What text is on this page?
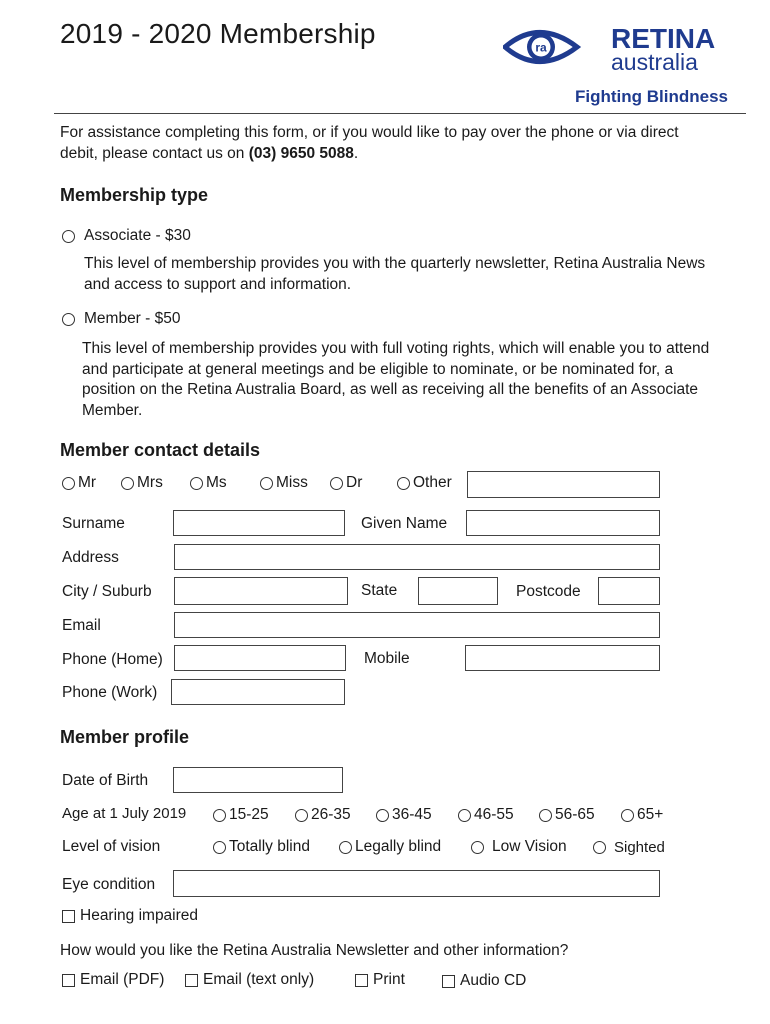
2019 - 2020 Membership	ra RETINA
australia
Fighting Blindness
For assistance completing this form, or if you would like to pay over the phone or via direct debit, please contact us on (03) 9650 5088.
Membership type
Associate - $30
This level of membership provides you with the quarterly newsletter, Retina Australia News and access to support and information.
Member - $50
This level of membership provides you with full voting rights, which will enable you to attend and participate at general meetings and be eligible to nominate, or be nominated for, a position on the Retina Australia Board, as well as receiving all the benefits of an Associate Member.
Member contact details
Mr	Mrs	Ms	Miss Dr	Other
Surname	Given Name
Address
City / Suburb	State	Postcode
Email
Phone (Home)	Mobile
Phone (Work)
Member profile
Date of Birth
Age at 1 July 2019	15-25	26-35	36-45	46-55	56-65	65+
Level of vision	Totally blind	Legally blind	Low Vision	Sighted
Eye condition
Hearing impaired
How would you like the Retina Australia Newsletter and other information?
Email (PDF) Email (text only)	Print	Audio CD
